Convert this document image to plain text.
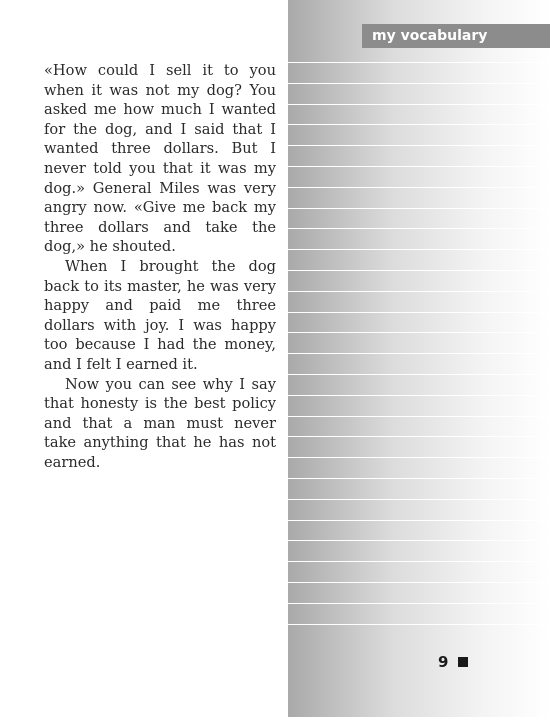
«How could I sell it to you when it was not my dog? You asked me how much I wanted for the dog, and I said that I wanted three dollars. But I never told you that it was my dog.» General Miles was very angry now. «Give me back my three dollars and take the dog,» he shouted.

When I brought the dog back to its master, he was very happy and paid me three dollars with joy. I was happy too because I had the money, and I felt I earned it.

Now you can see why I say that honesty is the best policy and that a man must never take anything that he has not earned.

my vocabulary
9
